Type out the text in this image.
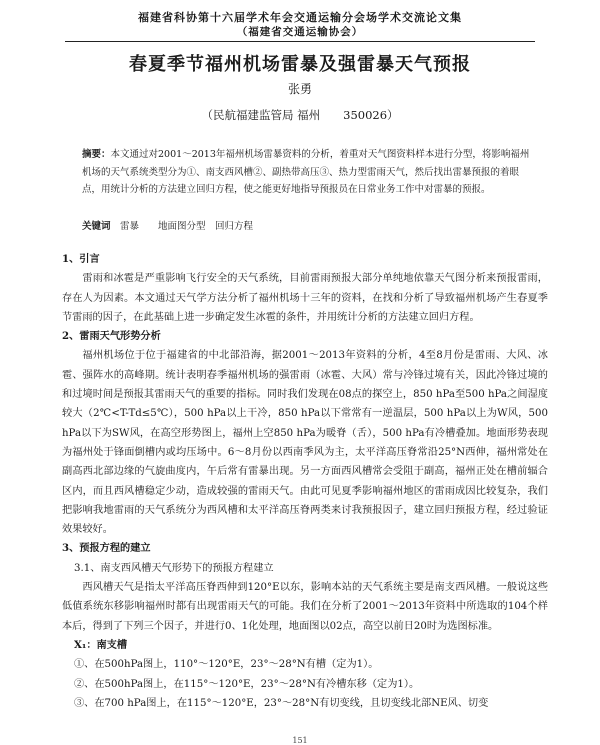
福建省科协第十六届学术年会交通运输分会场学术交流论文集
（福建省交通运输协会）
春夏季节福州机场雷暴及强雷暴天气预报
张勇
（民航福建监管局 福州　　350026）
摘要：本文通过对2001～2013年福州机场雷暴资料的分析，着重对天气图资料样本进行分型，将影响福州机场的天气系统类型分为①、南支西风槽②、副热带高压③、热力型雷雨天气，然后找出雷暴预报的着眼点，用统计分析的方法建立回归方程，使之能更好地指导预报员在日常业务工作中对雷暴的预报。
关键词　 雷暴　　地面图分型　回归方程

1、引言

雷雨和冰雹是严重影响飞行安全的天气系统，目前雷雨预报大部分单纯地依靠天气图分析来预报雷雨，存在人为因素。本文通过天气学方法分析了福州机场十三年的资料，在找和分析了导致福州机场产生春夏季节雷雨的因子，在此基础上进一步确定发生冰雹的条件，并用统计分析的方法建立回归方程。

2、雷雨天气形势分析

福州机场位于位于福建省的中北部沿海，据2001～2013年资料的分析，4至8月份是雷雨、大风、冰雹、强阵水的高峰期。统计表明春季福州机场的强雷雨（冰雹、大风）常与冷锋过境有关，因此冷锋过境的和过境时间是预报其雷雨天气的重要的指标。同时我们发现在08点的探空上，850 hPa至500 hPa之间湿度较大（2℃<T-Td≤5℃），500 hPa以上干冷，850 hPa以下常常有一逆温层，500 hPa以上为W风，500 hPa以下为SW风，在高空形势图上，福州上空850 hPa为暖脊（舌），500 hPa有冷槽叠加。地面形势表现为福州处于锋面倒槽内或均压场中。6～8月份以西南季风为主，太平洋高压脊常沿25°N西伸，福州常处在副高西北部边缘的气旋曲度内，午后常有雷暴出现。另一方面西风槽常会受阻于副高，福州正处在槽前辐合区内，而且西风槽稳定少动，造成较强的雷雨天气。由此可见夏季影响福州地区的雷雨成因比较复杂，我们把影响我地雷雨的天气系统分为西风槽和太平洋高压脊两类来讨我预报因子，建立回归预报方程，经过验证效果较好。

3、预报方程的建立

3.1、南支西风槽天气形势下的预报方程建立

西风槽天气是指太平洋高压脊西伸到120°E以东，影响本站的天气系统主要是南支西风槽。一般说这些低值系统东移影响福州时都有出现雷雨天气的可能。我们在分析了2001～2013年资料中所选取的104个样本后，得到了下列三个因子，并进行0、1化处理，地面图以02点，高空以前日20时为选图标准。

X₁：南支槽

①、在500hPa图上，110°～120°E，23°～28°N有槽（定为1）。

②、在500hPa图上，在115°～120°E，23°～28°N有冷槽东移（定为1）。

③、在700 hPa图上，在115°～120°E，23°～28°N有切变线，且切变线北部NE风、切变

151
